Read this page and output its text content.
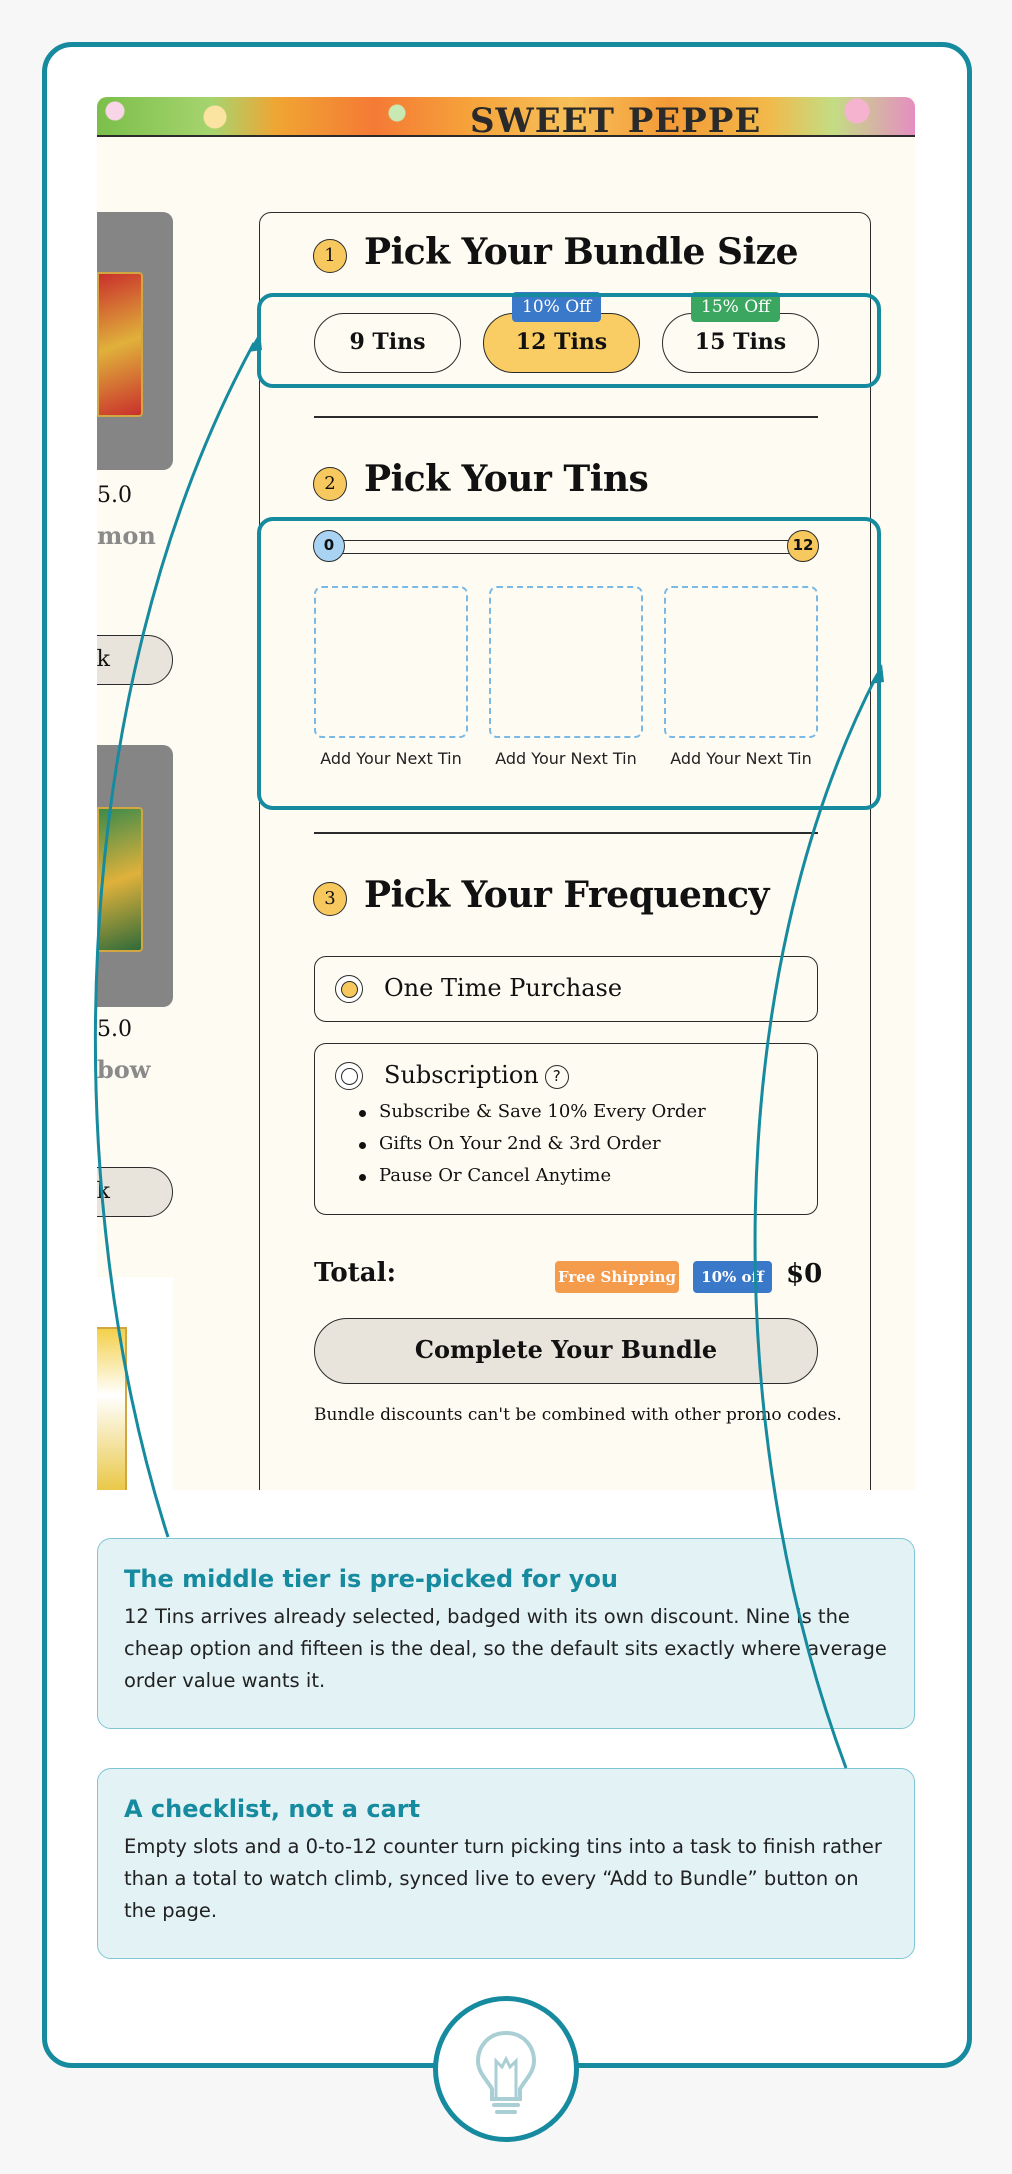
SWEET PEPPE
5.0
mon
k
5.0
bow
k
1 Pick Your Bundle Size
9 Tins	12 Tins	15 Tins
10% Off	15% Off
2 Pick Your Tins
0	12
Add Your Next Tin	Add Your Next Tin	Add Your Next Tin
3 Pick Your Frequency
One Time Purchase
Subscription ?
Subscribe & Save 10% Every Order
Gifts On Your 2nd & 3rd Order
Pause Or Cancel Anytime
Total:	Free Shipping	10% off $0
Complete Your Bundle
Bundle discounts can't be combined with other promo codes.
The middle tier is pre-picked for you

12 Tins arrives already selected, badged with its own discount. Nine is the cheap option and fifteen is the deal, so the default sits exactly where average order value wants it.

A checklist, not a cart

Empty slots and a 0-to-12 counter turn picking tins into a task to finish rather than a total to watch climb, synced live to every “Add to Bundle” button on the page.
